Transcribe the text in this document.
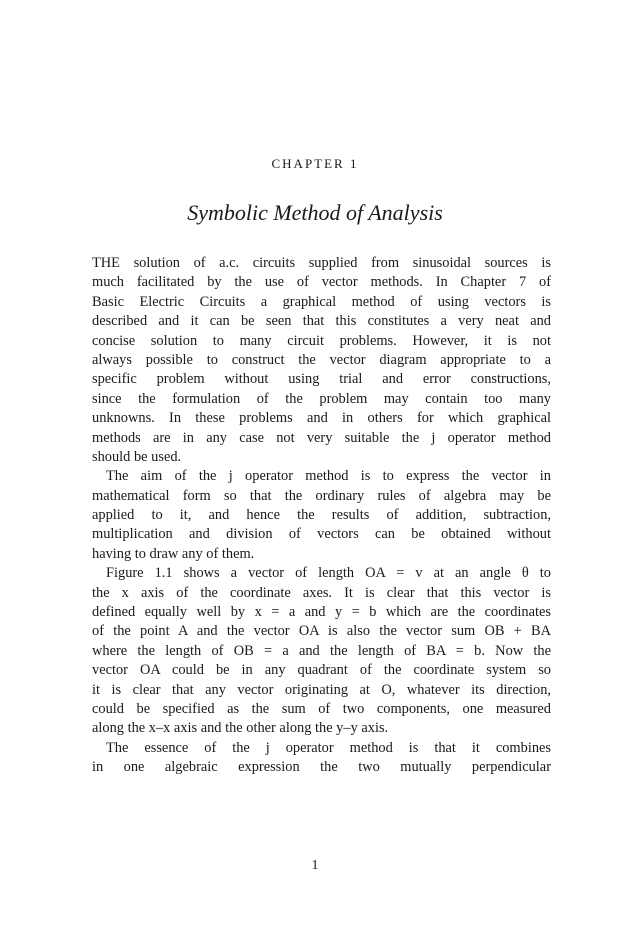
CHAPTER 1
Symbolic Method of Analysis
THE solution of a.c. circuits supplied from sinusoidal sources is
much facilitated by the use of vector methods. In Chapter 7 of
Basic Electric Circuits a graphical method of using vectors is
described and it can be seen that this constitutes a very neat and
concise solution to many circuit problems. However, it is not
always possible to construct the vector diagram appropriate to a
specific problem without using trial and error constructions,
since the formulation of the problem may contain too many
unknowns. In these problems and in others for which graphical
methods are in any case not very suitable the j operator method
should be used.
The aim of the j operator method is to express the vector in
mathematical form so that the ordinary rules of algebra may be
applied to it, and hence the results of addition, subtraction,
multiplication and division of vectors can be obtained without
having to draw any of them.
Figure 1.1 shows a vector of length OA = v at an angle θ to
the x axis of the coordinate axes. It is clear that this vector is
defined equally well by x = a and y = b which are the coordinates
of the point A and the vector OA is also the vector sum OB + BA
where the length of OB = a and the length of BA = b. Now the
vector OA could be in any quadrant of the coordinate system so
it is clear that any vector originating at O, whatever its direction,
could be specified as the sum of two components, one measured
along the x–x axis and the other along the y–y axis.
The essence of the j operator method is that it combines
in one algebraic expression the two mutually perpendicular
1
